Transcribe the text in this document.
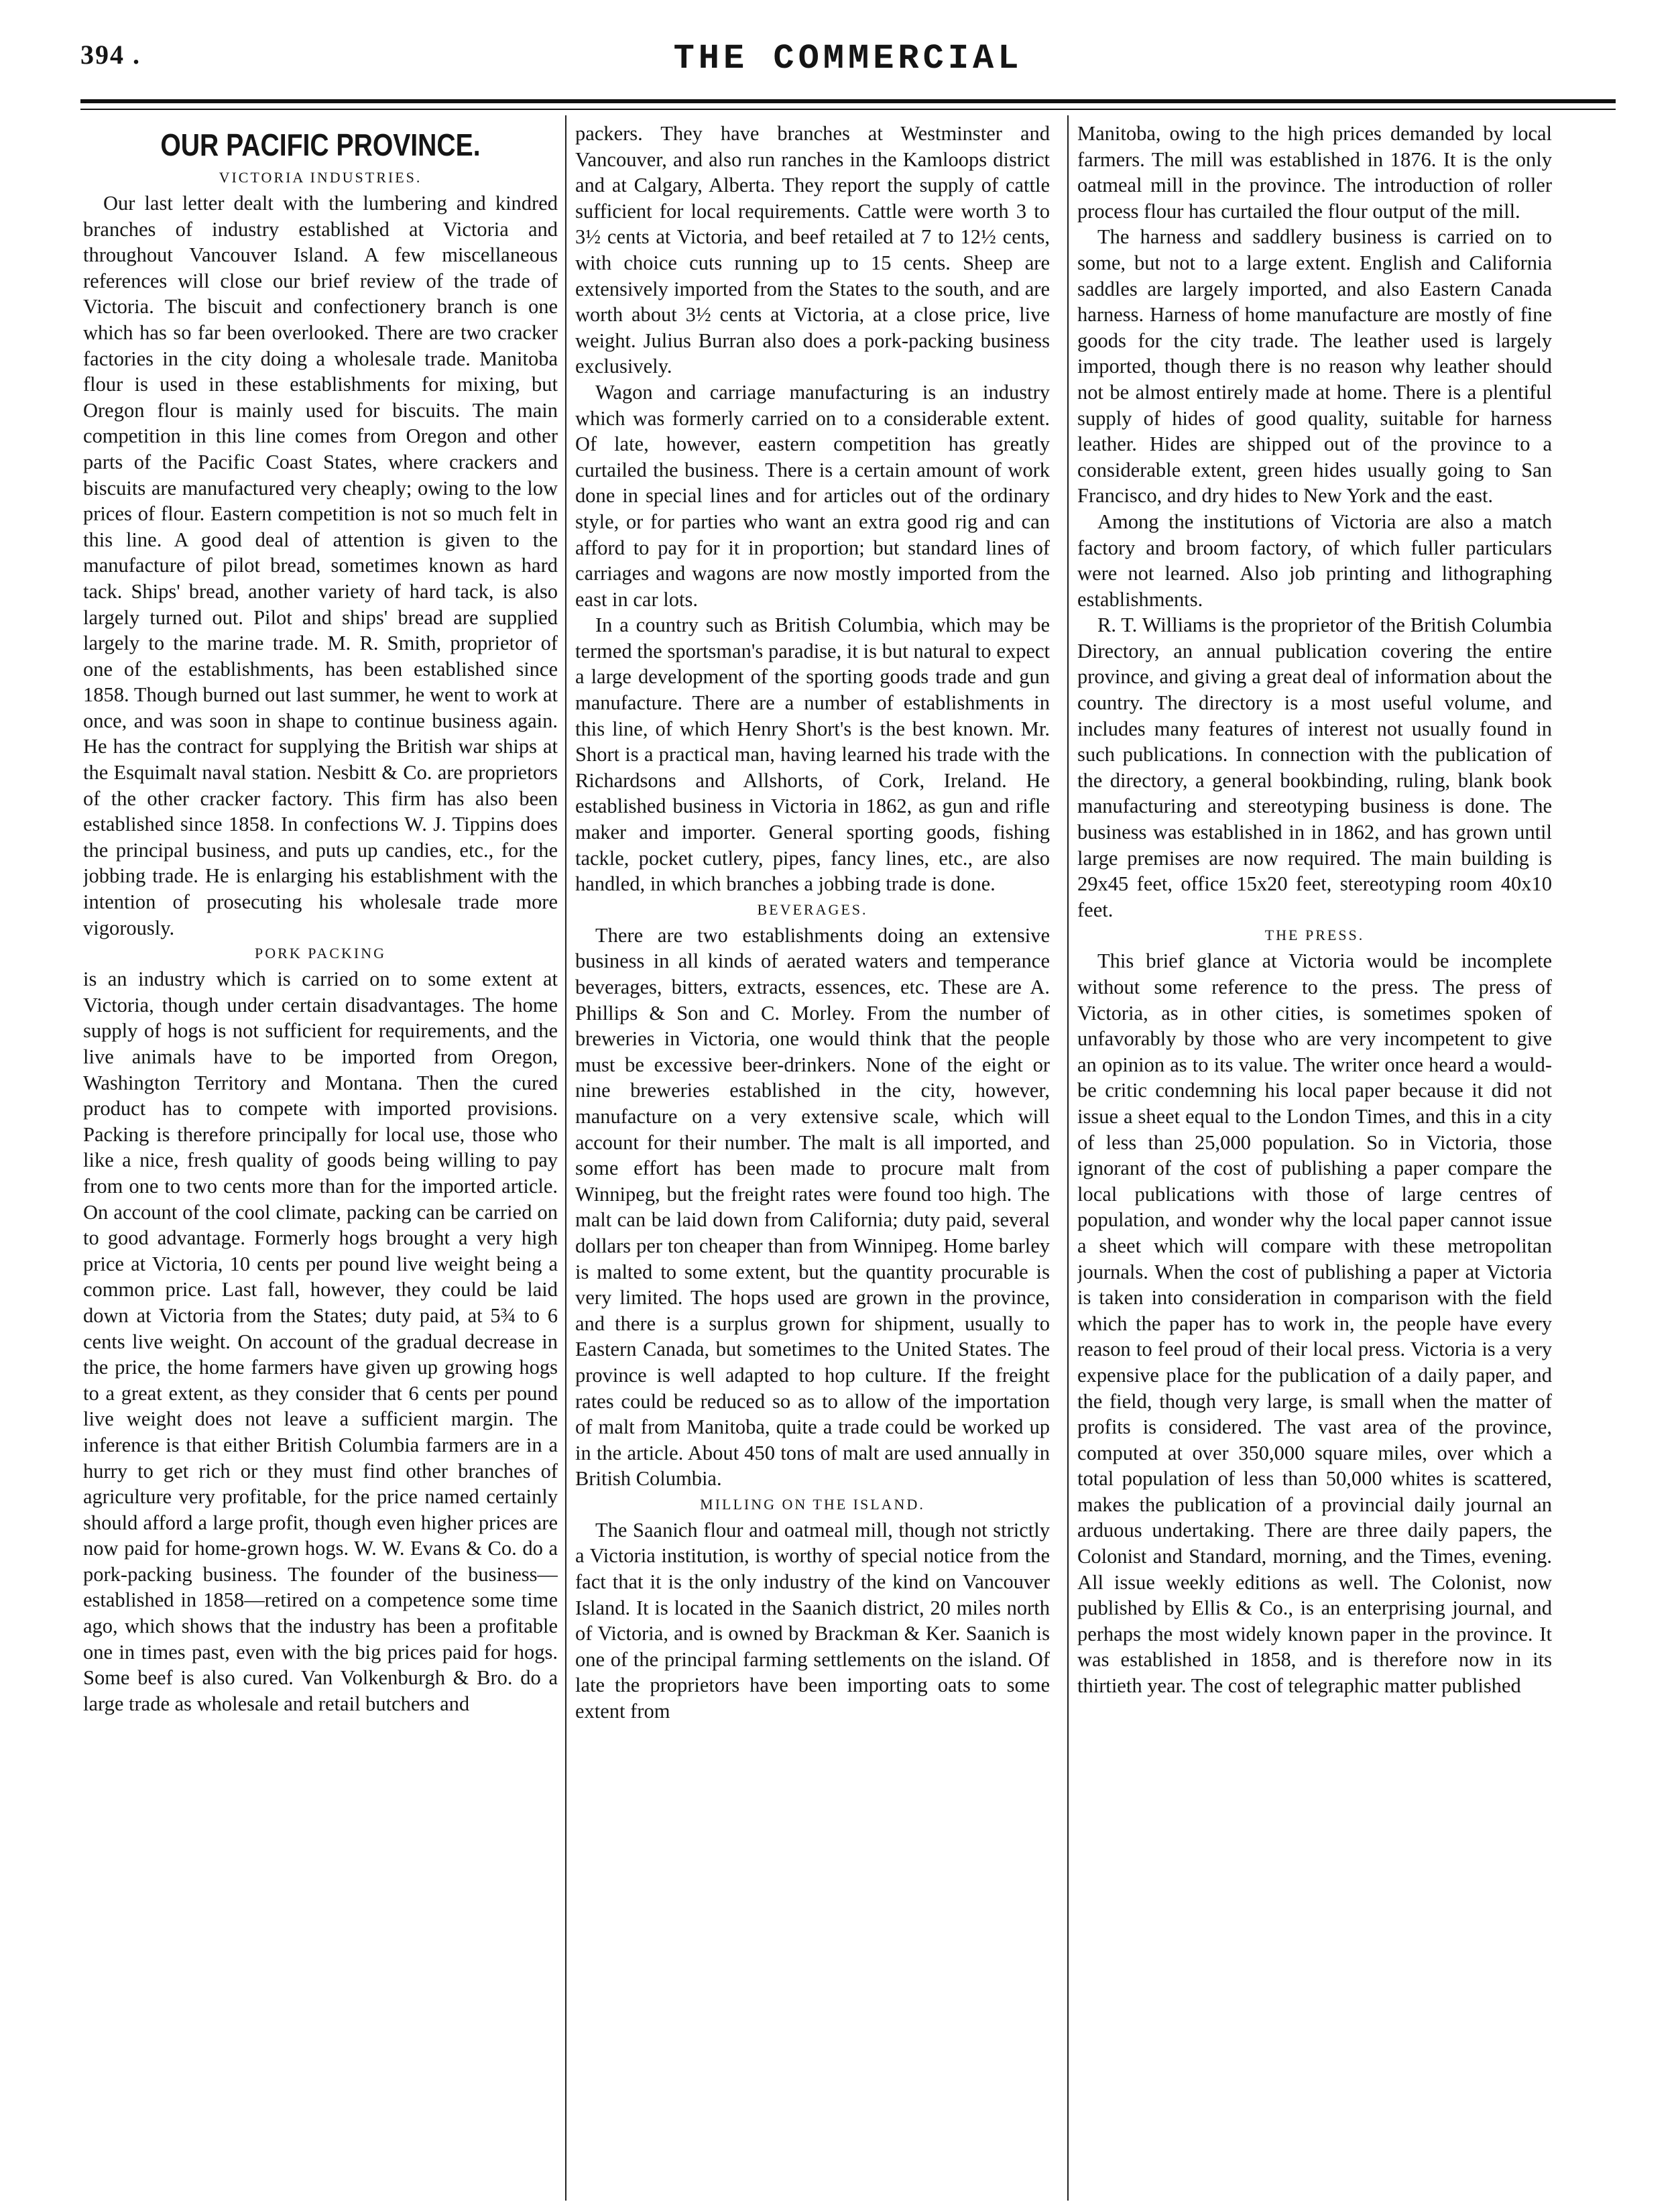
394 .	THE COMMERCIAL
OUR PACIFIC PROVINCE.
VICTORIA INDUSTRIES.

Our last letter dealt with the lumbering and kindred branches of industry established at Victoria and throughout Vancouver Island. A few miscellaneous references will close our brief review of the trade of Victoria. The biscuit and confectionery branch is one which has so far been overlooked. There are two cracker factories in the city doing a wholesale trade. Manitoba flour is used in these establishments for mixing, but Oregon flour is mainly used for biscuits. The main competition in this line comes from Oregon and other parts of the Pacific Coast States, where crackers and biscuits are manufactured very cheaply; owing to the low prices of flour. Eastern competition is not so much felt in this line. A good deal of attention is given to the manufacture of pilot bread, sometimes known as hard tack. Ships' bread, another variety of hard tack, is also largely turned out. Pilot and ships' bread are supplied largely to the marine trade. M. R. Smith, proprietor of one of the establishments, has been established since 1858. Though burned out last summer, he went to work at once, and was soon in shape to continue business again. He has the contract for supplying the British war ships at the Esquimalt naval station. Nesbitt & Co. are proprietors of the other cracker factory. This firm has also been established since 1858. In confections W. J. Tippins does the principal business, and puts up candies, etc., for the jobbing trade. He is enlarging his establishment with the intention of prosecuting his wholesale trade more vigorously.

PORK PACKING

is an industry which is carried on to some extent at Victoria, though under certain disadvantages. The home supply of hogs is not sufficient for requirements, and the live animals have to be imported from Oregon, Washington Territory and Montana. Then the cured product has to compete with imported provisions. Packing is therefore principally for local use, those who like a nice, fresh quality of goods being willing to pay from one to two cents more than for the imported article. On account of the cool climate, packing can be carried on to good advantage. Formerly hogs brought a very high price at Victoria, 10 cents per pound live weight being a common price. Last fall, however, they could be laid down at Victoria from the States; duty paid, at 5¾ to 6 cents live weight. On account of the gradual decrease in the price, the home farmers have given up growing hogs to a great extent, as they consider that 6 cents per pound live weight does not leave a sufficient margin. The inference is that either British Columbia farmers are in a hurry to get rich or they must find other branches of agriculture very profitable, for the price named certainly should afford a large profit, though even higher prices are now paid for home-grown hogs. W. W. Evans & Co. do a pork-packing business. The founder of the business—established in 1858—retired on a competence some time ago, which shows that the industry has been a profitable one in times past, even with the big prices paid for hogs. Some beef is also cured. Van Volkenburgh & Bro. do a large trade as wholesale and retail butchers and

packers. They have branches at Westminster and Vancouver, and also run ranches in the Kamloops district and at Calgary, Alberta. They report the supply of cattle sufficient for local requirements. Cattle were worth 3 to 3½ cents at Victoria, and beef retailed at 7 to 12½ cents, with choice cuts running up to 15 cents. Sheep are extensively imported from the States to the south, and are worth about 3½ cents at Victoria, at a close price, live weight. Julius Burran also does a pork-packing business exclusively.

Wagon and carriage manufacturing is an industry which was formerly carried on to a considerable extent. Of late, however, eastern competition has greatly curtailed the business. There is a certain amount of work done in special lines and for articles out of the ordinary style, or for parties who want an extra good rig and can afford to pay for it in proportion; but standard lines of carriages and wagons are now mostly imported from the east in car lots.

In a country such as British Columbia, which may be termed the sportsman's paradise, it is but natural to expect a large development of the sporting goods trade and gun manufacture. There are a number of establishments in this line, of which Henry Short's is the best known. Mr. Short is a practical man, having learned his trade with the Richardsons and Allshorts, of Cork, Ireland. He established business in Victoria in 1862, as gun and rifle maker and importer. General sporting goods, fishing tackle, pocket cutlery, pipes, fancy lines, etc., are also handled, in which branches a jobbing trade is done.

BEVERAGES.

There are two establishments doing an extensive business in all kinds of aerated waters and temperance beverages, bitters, extracts, essences, etc. These are A. Phillips & Son and C. Morley. From the number of breweries in Victoria, one would think that the people must be excessive beer-drinkers. None of the eight or nine breweries established in the city, however, manufacture on a very extensive scale, which will account for their number. The malt is all imported, and some effort has been made to procure malt from Winnipeg, but the freight rates were found too high. The malt can be laid down from California; duty paid, several dollars per ton cheaper than from Winnipeg. Home barley is malted to some extent, but the quantity procurable is very limited. The hops used are grown in the province, and there is a surplus grown for shipment, usually to Eastern Canada, but sometimes to the United States. The province is well adapted to hop culture. If the freight rates could be reduced so as to allow of the importation of malt from Manitoba, quite a trade could be worked up in the article. About 450 tons of malt are used annually in British Columbia.

MILLING ON THE ISLAND.

The Saanich flour and oatmeal mill, though not strictly a Victoria institution, is worthy of special notice from the fact that it is the only industry of the kind on Vancouver Island. It is located in the Saanich district, 20 miles north of Victoria, and is owned by Brackman & Ker. Saanich is one of the principal farming settlements on the island. Of late the proprietors have been importing oats to some extent from

Manitoba, owing to the high prices demanded by local farmers. The mill was established in 1876. It is the only oatmeal mill in the province. The introduction of roller process flour has curtailed the flour output of the mill.

The harness and saddlery business is carried on to some, but not to a large extent. English and California saddles are largely imported, and also Eastern Canada harness. Harness of home manufacture are mostly of fine goods for the city trade. The leather used is largely imported, though there is no reason why leather should not be almost entirely made at home. There is a plentiful supply of hides of good quality, suitable for harness leather. Hides are shipped out of the province to a considerable extent, green hides usually going to San Francisco, and dry hides to New York and the east.

Among the institutions of Victoria are also a match factory and broom factory, of which fuller particulars were not learned. Also job printing and lithographing establishments.

R. T. Williams is the proprietor of the British Columbia Directory, an annual publication covering the entire province, and giving a great deal of information about the country. The directory is a most useful volume, and includes many features of interest not usually found in such publications. In connection with the publication of the directory, a general bookbinding, ruling, blank book manufacturing and stereotyping business is done. The business was established in in 1862, and has grown until large premises are now required. The main building is 29x45 feet, office 15x20 feet, stereotyping room 40x10 feet.

THE PRESS.

This brief glance at Victoria would be incomplete without some reference to the press. The press of Victoria, as in other cities, is sometimes spoken of unfavorably by those who are very incompetent to give an opinion as to its value. The writer once heard a would-be critic condemning his local paper because it did not issue a sheet equal to the London Times, and this in a city of less than 25,000 population. So in Victoria, those ignorant of the cost of publishing a paper compare the local publications with those of large centres of population, and wonder why the local paper cannot issue a sheet which will compare with these metropolitan journals. When the cost of publishing a paper at Victoria is taken into consideration in comparison with the field which the paper has to work in, the people have every reason to feel proud of their local press. Victoria is a very expensive place for the publication of a daily paper, and the field, though very large, is small when the matter of profits is considered. The vast area of the province, computed at over 350,000 square miles, over which a total population of less than 50,000 whites is scattered, makes the publication of a provincial daily journal an arduous undertaking. There are three daily papers, the Colonist and Standard, morning, and the Times, evening. All issue weekly editions as well. The Colonist, now published by Ellis & Co., is an enterprising journal, and perhaps the most widely known paper in the province. It was established in 1858, and is therefore now in its thirtieth year. The cost of telegraphic matter published
